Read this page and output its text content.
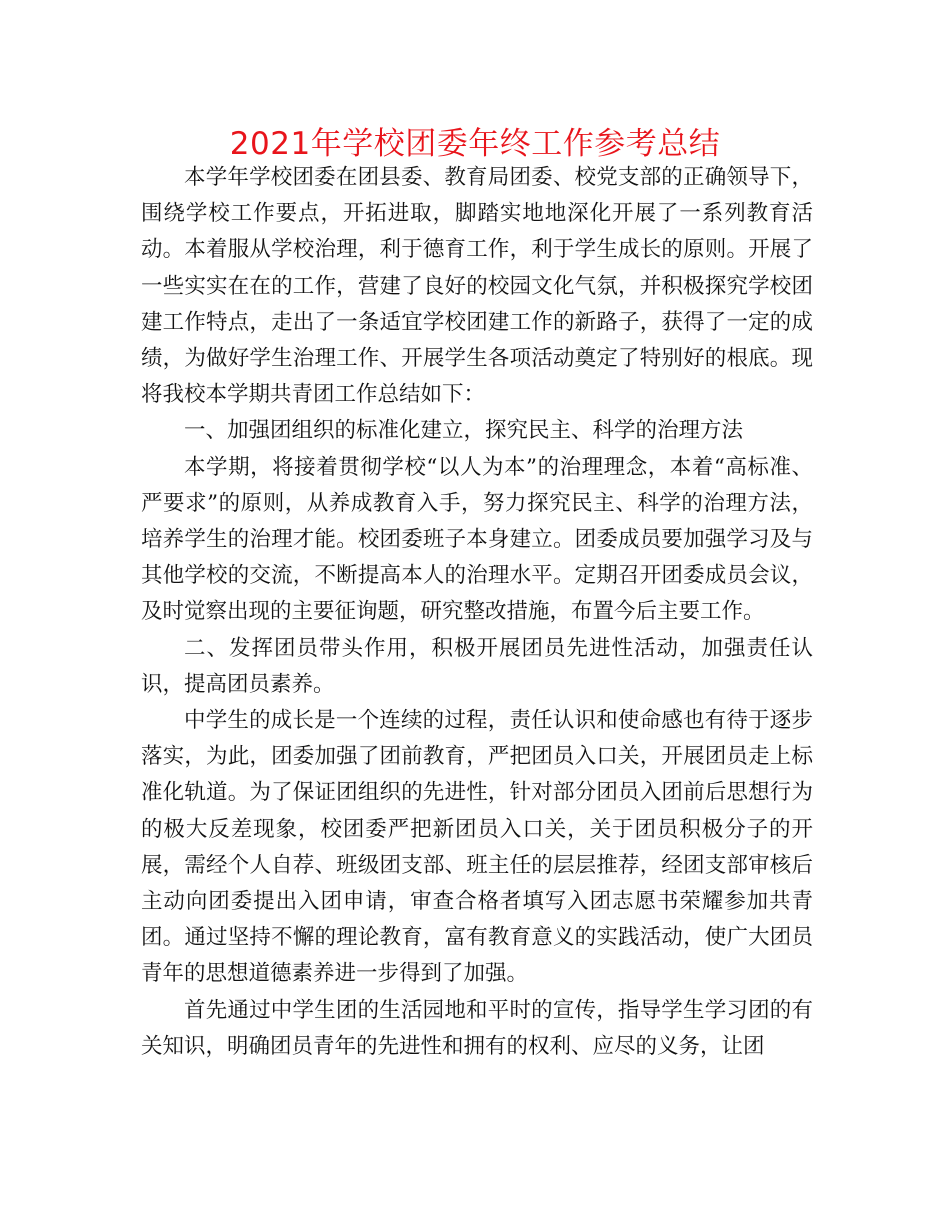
2021年学校团委年终工作参考总结

本学年学校团委在团县委、教育局团委、校党支部的正确领导下，围绕学校工作要点，开拓进取，脚踏实地地深化开展了一系列教育活动。本着服从学校治理，利于德育工作，利于学生成长的原则。开展了一些实实在在的工作，营建了良好的校园文化气氛，并积极探究学校团建工作特点，走出了一条适宜学校团建工作的新路子，获得了一定的成绩，为做好学生治理工作、开展学生各项活动奠定了特别好的根底。现将我校本学期共青团工作总结如下：

一、加强团组织的标准化建立，探究民主、科学的治理方法

本学期，将接着贯彻学校“以人为本”的治理理念，本着“高标准、严要求”的原则，从养成教育入手，努力探究民主、科学的治理方法，培养学生的治理才能。校团委班子本身建立。团委成员要加强学习及与其他学校的交流，不断提高本人的治理水平。定期召开团委成员会议，及时觉察出现的主要征询题，研究整改措施，布置今后主要工作。

二、发挥团员带头作用，积极开展团员先进性活动，加强责任认识，提高团员素养。

中学生的成长是一个连续的过程，责任认识和使命感也有待于逐步落实，为此，团委加强了团前教育，严把团员入口关，开展团员走上标准化轨道。为了保证团组织的先进性，针对部分团员入团前后思想行为的极大反差现象，校团委严把新团员入口关，关于团员积极分子的开展，需经个人自荐、班级团支部、班主任的层层推荐，经团支部审核后主动向团委提出入团申请，审查合格者填写入团志愿书荣耀参加共青团。通过坚持不懈的理论教育，富有教育意义的实践活动，使广大团员青年的思想道德素养进一步得到了加强。

首先通过中学生团的生活园地和平时的宣传，指导学生学习团的有关知识，明确团员青年的先进性和拥有的权利、应尽的义务，让团
